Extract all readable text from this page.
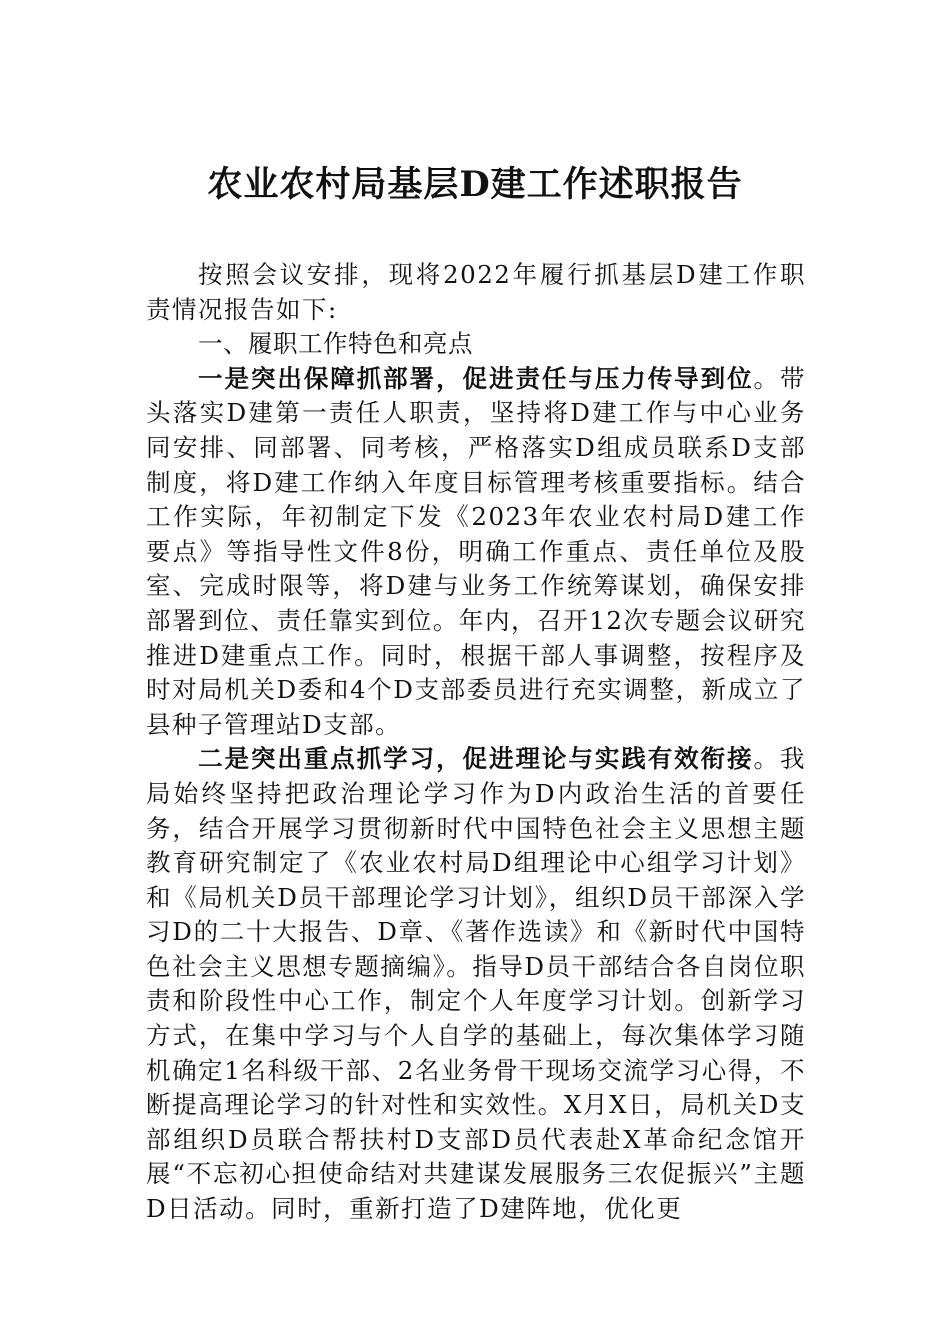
农业农村局基层D建工作述职报告

按照会议安排，现将2022年履行抓基层D建工作职责情况报告如下:

一、履职工作特色和亮点

一是突出保障抓部署，促进责任与压力传导到位。带头落实D建第一责任人职责，坚持将D建工作与中心业务同安排、同部署、同考核，严格落实D组成员联系D支部制度，将D建工作纳入年度目标管理考核重要指标。结合工作实际，年初制定下发《2023年农业农村局D建工作要点》等指导性文件8份，明确工作重点、责任单位及股室、完成时限等，将D建与业务工作统筹谋划，确保安排部署到位、责任靠实到位。年内，召开12次专题会议研究推进D建重点工作。同时，根据干部人事调整，按程序及时对局机关D委和4个D支部委员进行充实调整，新成立了县种子管理站D支部。

二是突出重点抓学习，促进理论与实践有效衔接。我局始终坚持把政治理论学习作为D内政治生活的首要任务，结合开展学习贯彻新时代中国特色社会主义思想主题教育研究制定了《农业农村局D组理论中心组学习计划》和《局机关D员干部理论学习计划》，组织D员干部深入学习D的二十大报告、D章、《著作选读》和《新时代中国特色社会主义思想专题摘编》。指导D员干部结合各自岗位职责和阶段性中心工作，制定个人年度学习计划。创新学习方式，在集中学习与个人自学的基础上，每次集体学习随机确定1名科级干部、2名业务骨干现场交流学习心得，不断提高理论学习的针对性和实效性。X月X日，局机关D支部组织D员联合帮扶村D支部D员代表赴X革命纪念馆开展“不忘初心担使命结对共建谋发展服务三农促振兴”主题D日活动。同时，重新打造了D建阵地，优化更
